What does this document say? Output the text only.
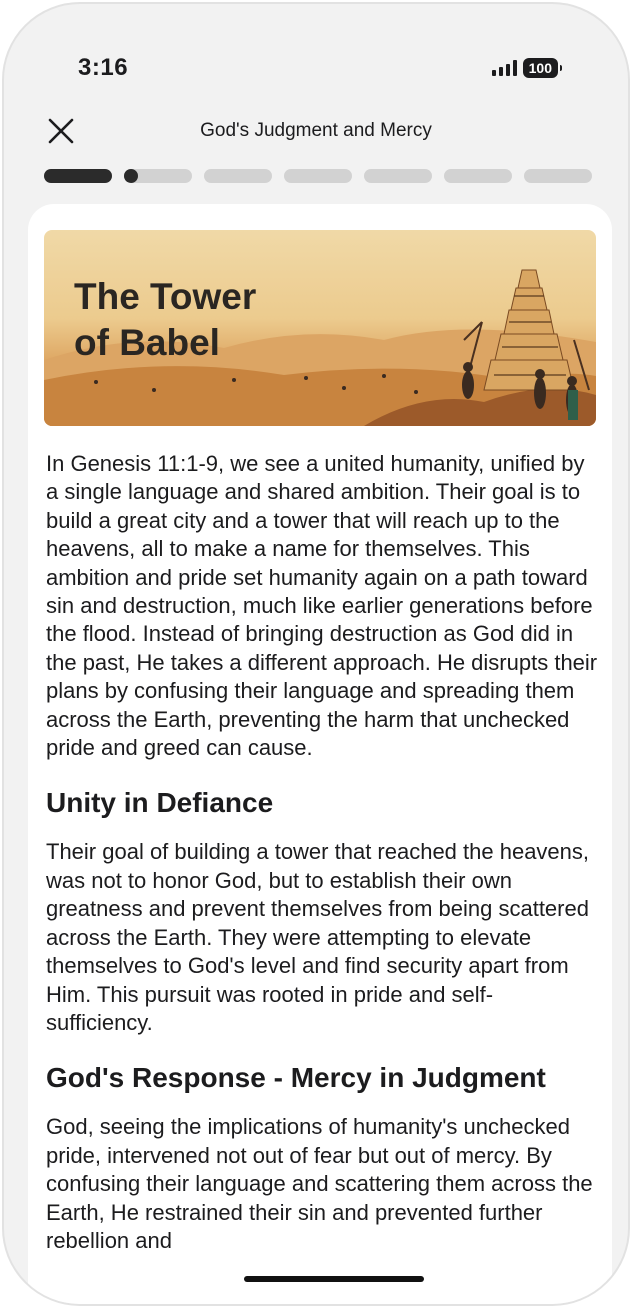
3:16	100
God's Judgment and Mercy
The Tower
of Babel

In Genesis 11:1-9, we see a united humanity, unified by a single language and shared ambition. Their goal is to build a great city and a tower that will reach up to the heavens, all to make a name for themselves. This ambition and pride set humanity again on a path toward sin and destruction, much like earlier generations before the flood. Instead of bringing destruction as God did in the past, He takes a different approach. He disrupts their plans by confusing their language and spreading them across the Earth, preventing the harm that unchecked pride and greed can cause.

Unity in Defiance

Their goal of building a tower that reached the heavens, was not to honor God, but to establish their own greatness and prevent themselves from being scattered across the Earth. They were attempting to elevate themselves to God's level and find security apart from Him. This pursuit was rooted in pride and self-sufficiency.

God's Response - Mercy in Judgment

God, seeing the implications of humanity's unchecked pride, intervened not out of fear but out of mercy. By confusing their language and scattering them across the Earth, He restrained their sin and prevented further rebellion and
